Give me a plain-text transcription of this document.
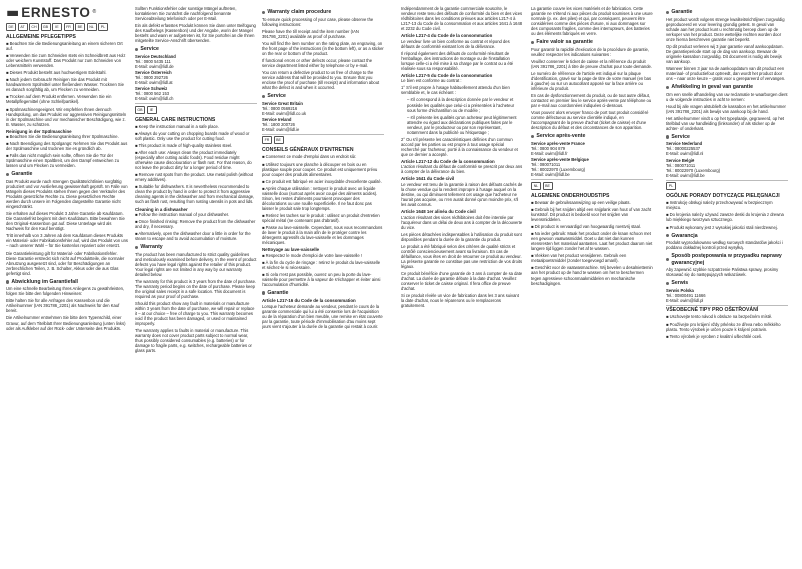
▬ ERNESTO ®
DE	AT	CH	GB	IE	FR	BE	NL	PL
ALLGEMEINE PFLEGETIPPS

■ Beachten Sie die Bedienungsanleitung an einem sicheren Ort auf.

■ Verwenden Sie zum Schneiden stets ein Schneidbrett aus Holz oder weichem Kunststoff. Das Produkt nur zum Schneiden von Lebensmitteln verwenden.

■ Dieses Produkt besteht aus hochwertigem Edelstahl.

■ Nach jedem Gebrauch! Reinigen Sie das Produkt mit handwarmem Spülmittel unter fließendem Wasser. Trocknen Sie es danach sorgfältig ab, um Flecken zu vermeiden.

■ Trocken auf dem Produkt entfernen. Verwenden Sie ein Metallpflegemittel (ohne Schleifpartikel).

■ Spülmaschinengeeignet. Wir empfehlen Ihnen dennoch Handspülung, um das Produkt vor aggressiven Reinigungsmitteln in der Spülmaschine und vor mechanischer Beschädigung, wie z. B. Wasser, zu schützen.

Reinigung in der Spülmaschine

■ Beachten Sie die Bedienungsanleitung Ihrer Spülmaschine.

■ Nach Beendigung des Spülgangs: Nehmen Sie das Produkt aus der Spülmaschine und trocknen Sie es gründlich ab.

■ Falls das nicht möglich sein sollte, öffnen Sie die Tür der Spülmaschine einen Spaltbreit, um den Dampf entweichen zu lassen und um Flecken zu vermeiden.

Garantie

Das Produkt wurde nach strengen Qualitätsrichtlinien sorgfältig produziert und vor Auslieferung gewissenhaft geprüft. Im Falle von Mängeln dieses Produkts stehen Ihnen gegen den Verkäufer des Produkts gesetzliche Rechte zu. Diese gesetzlichen Rechte werden durch unsere im Folgenden dargestellte Garantie nicht eingeschränkt.

Sie erhalten auf dieses Produkt 3 Jahre Garantie ab Kaufdatum. Die Garantiefrist beginnt mit dem Kaufdatum. Bitte bewahren Sie den Original-Kassenbon gut auf. Diese Unterlage wird als Nachweis für den Kauf benötigt.

Tritt innerhalb von 3 Jahren ab dem Kaufdatum dieses Produkts ein Material- oder Fabrikationsfehler auf, wird das Produkt von uns – nach unserer Wahl – für Sie kostenlos repariert oder ersetzt.

Die Garantieleistung gilt für Material- oder Fabrikationsfehler. Diese Garantie erstreckt sich nicht auf Produktteile, die normaler Abnutzung ausgesetzt sind, oder für Beschädigungen an zerbrechlichen Teilen, z. B. Schalter, Akkus oder die aus Glas gefertigt sind.

Abwicklung im Garantiefall

Um eine schnelle Bearbeitung Ihres Anliegens zu gewährleisten, folgen Sie bitte den folgenden Hinweisen:

Bitte halten Sie für alle Anfragen den Kassenbon und die Artikelnummer (IAN 391786_2201) als Nachweis für den Kauf bereit.

Die Artikelnummer entnehmen Sie bitte dem Typenschild, einer Gravur, auf dem Titelblatt Ihrer Bedienungsanleitung (unten links) oder als Aufkleber auf der Rück- oder Unterseite des Produkts.

Sollten Funktionsfehler oder sonstige Mängel auftreten, kontaktieren Sie zunächst die nachfolgend benannte Serviceabteilung telefonisch oder per E-Mail.

Ein als defekt erfasstes Produkt können Sie dann unter Beifügung des Kaufbelegs (Kassenbon) und der Angabe, worin der Mangel besteht und wann er aufgetreten ist, für Sie portofrei an die Ihnen mitgeteilte Service-Anschrift übersenden.

Service
Service Deutschland
Tel.: 0800 5435 111
E-Mail: owim@lidl.de
Service Österreich
Tel.: 0800 292726
E-Mail: owim@lidl.at
Service Schweiz
Tel.: 0800 562 153
E-Mail: owim@lidl.ch
GB	IE
GENERAL CARE INSTRUCTIONS

■ Keep the instruction manual in a safe place.

■ Always do your cutting on chopping boards made of wood or soft plastic. Only use the product for cutting food.

■ This product is made of high-quality stainless steel.

■ After each use: Always clean the product immediately (especially after cutting acidic foods). Food residue might otherwise cause discolouration or flash rust. For that reason, do not leave the product dirty for a longer period of time.

■ Remove rust spots from the product. Use metal polish (without emery additives).

■ Suitable for dishwashers. It is nevertheless recommended to clean the product by hand in order to protect it from aggressive cleaning agents in the dishwasher and from mechanical damage, such as flash rust, resulting from rusting utensils in pots and lids.

Cleaning in a dishwasher

■ Follow the instruction manual of your dishwasher.

■ Once finished rinsing: Remove the product from the dishwasher and dry, if necessary.

■ Alternatively, open the dishwasher door a little in order for the steam to escape and to avoid accumulation of moisture.

Warranty

The product has been manufactured to strict quality guidelines and meticulously examined before delivery. In the event of product defects you have legal rights against the retailer of this product. Your legal rights are not limited in any way by our warranty detailed below.

The warranty for this product is 3 years from the date of purchase. The warranty period begins on the date of purchase. Please keep the original sales receipt in a safe location. This document is required as your proof of purchase.

Should this product show any fault in materials or manufacture within 3 years from the date of purchase, we will repair or replace it – at our choice – free of charge to you. This warranty becomes void if the product has been damaged, or used or maintained improperly.

The warranty applies to faults in material or manufacture. This warranty does not cover product parts subject to normal wear, thus possibly considered consumables (e.g. batteries) or for damage to fragile parts, e.g. switches, rechargeable batteries or glass parts.

Warranty claim procedure

To ensure quick processing of your case, please observe the following instructions:

Please have the till receipt and the item number (IAN 391786_2201) available as proof of purchase.

You will find the item number on the rating plate, an engraving, on the front page of the instructions (in the bottom left), or as a sticker on the rear or bottom of the product.

If functional errors or other defects occur, please contact the service department listed either by telephone or by e-mail.

You can return a defective product to us free of charge to the service address that will be provided to you. Ensure that you enclose the proof of purchase (till receipt) and information about what the defect is and when it occurred.

Service
Service Great Britain
Tel.: 0800 0569216
E-Mail: owim@lidl.co.uk
Service Ireland
Tel.: 1800 200726
E-Mail: owim@lidl.ie
FR	BE
CONSEILS GÉNÉRAUX D'ENTRETIEN

■ Conservez ce mode d'emploi dans un endroit sûr.

■ Utilisez toujours une planche à découper en bois ou en plastique souple pour couper. Ce produit est uniquement prévu pour couper des produits alimentaires.

■ Ce produit est fabriqué en acier inoxydable d'excellente qualité.

■ Après chaque utilisation : nettoyez le produit avec un liquide vaisselle doux (surtout après avoir coupé des aliments acides). Sinon, les restes d'aliments pourraient provoquer des décolorations ou une rouille superficielle. Il ne faut donc pas laisser le produit sale trop longtemps.

■ Retirez les taches sur le produit : utilisez un produit d'entretien spécial métal (ne contenant pas d'abrasif).

■ Passe au lave-vaisselle. Cependant, nous vous recommandons de laver le produit à la main afin de le protéger contre les détergents agressifs du lave-vaisselle et les dommages mécaniques.

Nettoyage au lave-vaisselle

■ Respectez le mode d'emploi de votre lave-vaisselle !

■ À la fin du cycle de rinçage : retirez le produit du lave-vaisselle et séchez-le si nécessaire.

■ Si cela n'est pas possible, ouvrez un peu la porte du lave-vaisselle pour permettre à la vapeur de s'échapper et éviter ainsi l'accumulation d'humidité.

Garantie
Article L217-16 du Code de la consommation

Lorsque l'acheteur demande au vendeur, pendant le cours de la garantie commerciale qui lui a été consentie lors de l'acquisition ou de la réparation d'un bien meuble, une remise en état couverte par la garantie, toute période d'immobilisation d'au moins sept jours vient s'ajouter à la durée de la garantie qui restait à courir.

Indépendamment de la garantie commerciale souscrite, le vendeur reste tenu des défauts de conformité du bien et des vices rédhibitoires dans les conditions prévues aux articles L217-4 à L217-13 du Code de la consommation et aux articles 1641 à 1648 et 2232 du Code civil.

Article L217-4 du Code de la consommation

Le vendeur livre un bien conforme au contrat et répond des défauts de conformité existant lors de la délivrance.

Il répond également des défauts de conformité résultant de l'emballage, des instructions de montage ou de l'installation lorsque celle-ci a été mise à sa charge par le contrat ou a été réalisée sous sa responsabilité.

Article L217-5 du Code de la consommation

Le bien est conforme au contrat :

1° S'il est propre à l'usage habituellement attendu d'un bien semblable et, le cas échéant :

– s'il correspond à la description donnée par le vendeur et possède les qualités que celui-ci a présentées à l'acheteur sous forme d'échantillon ou de modèle ;

– s'il présente les qualités qu'un acheteur peut légitimement attendre eu égard aux déclarations publiques faites par le vendeur, par le producteur ou par son représentant, notamment dans la publicité ou l'étiquetage ;

2° Ou s'il présente les caractéristiques définies d'un commun accord par les parties ou est propre à tout usage spécial recherché par l'acheteur, porté à la connaissance du vendeur et que ce dernier a accepté.

Article L217-12 du Code de la consommation

L'action résultant du défaut de conformité se prescrit par deux ans à compter de la délivrance du bien.

Article 1641 du Code civil

Le vendeur est tenu de la garantie à raison des défauts cachés de la chose vendue qui la rendent impropre à l'usage auquel on la destine, ou qui diminuent tellement cet usage que l'acheteur ne l'aurait pas acquise, ou n'en aurait donné qu'un moindre prix, s'il les avait connus.

Article 1648 1er alinéa du Code civil

L'action résultant des vices rédhibitoires doit être intentée par l'acquéreur dans un délai de deux ans à compter de la découverte du vice.

Les pièces détachées indispensables à l'utilisation du produit sont disponibles pendant la durée de la garantie du produit.

Le produit a été fabriqué selon des critères de qualité stricts et contrôlé consciencieusement avant sa livraison. En cas de défaillance, vous êtes en droit de retourner ce produit au vendeur. La présente garantie ne constitue pas une restriction de vos droits légaux.

Ce produit bénéficie d'une garantie de 3 ans à compter de sa date d'achat. La durée de garantie débute à la date d'achat. Veuillez conserver le ticket de caisse original. Il fera office de preuve d'achat.

Si ce produit révèle un vice de fabrication dans les 3 ans suivant la date d'achat, nous le réparerons ou le remplacerons gratuitement.

La garantie couvre les vices matériels et de fabrication. Cette garantie ne s'étend ni aux pièces du produit soumises à une usure normale (p. ex. des piles) et qui, par conséquent, peuvent être considérées comme des pièces d'usure, ni aux dommages sur des composants fragiles, comme des interrupteurs, des batteries ou des éléments fabriqués en verre.

Faire valoir sa garantie

Pour garantir la rapidité d'exécution de la procédure de garantie, veuillez respecter les indications suivantes :

Veuillez conserver le ticket de caisse et la référence du produit (IAN 391786_2201) à titre de preuve d'achat pour toute demande.

Le numéro de référence de l'article est indiqué sur la plaque d'identification, gravé sur la page de titre de votre manuel (en bas à gauche) ou sur un autocollant apposé sur la face arrière ou inférieure du produit.

En cas de dysfonctionnement du produit, ou de tout autre défaut, contactez en premier lieu le service après-vente par téléphone ou par e-mail aux coordonnées indiquées ci-dessous.

Vous pouvez alors envoyer franco de port tout produit considéré comme défectueux au service clientèle indiqué, en l'accompagnant de la preuve d'achat (ticket de caisse) et d'une description du défaut et des circonstances de son apparition.

Service après-vente
Service après-vente France
Tel.: 0800 904 879
E-Mail: owim@lidl.fr
Service après-vente Belgique
Tel.: 080071011
Tel.: 80022970 (Luxembourg)
E-Mail: owim@lidl.be
NL	BE
ALGEMENE ONDERHOUDSTIPS

■ Bewaar de gebruiksaanwijzing op een veilige plaats.

■ Gebruik bij het snijden altijd een snijplank van hout of van zacht kunststof. Dit product is bedoeld voor het snijden van levensmiddelen.

■ Dit product is vervaardigd van hoogwaardig roestvrij staal.

■ Na ieder gebruik: Maak het product onder de kraan schoon met een gewoon vaatwasmiddel. Doet u dat niet dan kunnen etensresten het materiaal aantasten. Laat het product daarom niet langere tijd liggen zonder het af te wassen.

■ Vlekken van het product verwijderen. Gebruik een metaalpoetsmiddel (zonder toegevoegd amaril).

■ Geschikt voor de vaatwasmachine. Wij bevelen u desalniettemin aan het product op de hand te wassen om het te beschermen tegen agressieve schoonmaakmiddelen en mechanische beschadigingen.

Garantie

Het product wordt volgens strenge kwaliteitsrichtlijnen zorgvuldig geproduceerd en voor levering grondig getest. In geval van schade aan het product kunt u rechtmatig beroep doen op de verkoper van het product. Deze wettelijke rechten worden door onze hierna beschreven garantie niet beperkt.

Op dit product verlenen wij 3 jaar garantie vanaf aankoopdatum. De garantieperiode start op de dag van aankoop. Bewaar de originele kassabon zorgvuldig. Dit document is nodig als bewijs van aankoop.

Wanneer binnen 3 jaar na de aankoopdatum van dit product een materiaal- of productiefout optreedt, dan wordt het product door ons – naar onze keuze – gratis voor u gerepareerd of vervangen.

Afwikkeling in geval van garantie

Om een snelle afhandeling van uw reclamatie te waarborgen dient u de volgende instructies in acht te nemen:

Houd bij alle vragen alstublieft de kassabon en het artikelnummer (IAN 391786_2201) als bewijs van aankoop bij de hand.

Het artikelnummer vindt u op het typeplaatje, gegraveerd, op het titelblad van uw handleiding (linksonder) of als sticker op de achter- of onderkant.

Service
Service Nederland
Tel.: 08000225537
E-Mail: owim@lidl.nl
Service België
Tel.: 080071011
Tel.: 80022970 (Luxembourg)
E-Mail: owim@lidl.be
PL
OGÓLNE PORADY DOTYCZĄCE PIELĘGNACJI

■ Instrukcję obsługi należy przechowywać w bezpiecznym miejscu.

■ Do krojenia należy używać zawsze deski do krojenia z drewna lub miękkiego tworzywa sztucznego.

■ Produkt wykonany jest z wysokiej jakości stali nierdzewnej.

Gwarancja

Produkt wyprodukowano według surowych standardów jakości i poddano dokładnej kontroli przed wysyłką.

Sposób postępowania w przypadku naprawy gwarancyjnej

Aby zapewnić szybkie rozpatrzenie Państwa sprawy, prosimy stosować się do następujących wskazówek.

Serwis
Serwis Polska
Tel.: 00800491 11666
E-Mail: owim@lidl.pl
VŠEOBECNÉ TIPY PRO OŠETŘOVÁNÍ

■ Uschovejte tento návod k obsluze na bezpečném místě.

■ Používejte pro krájení vždy prkénko ze dřeva nebo měkkého plastu. Tento výrobek je určen pouze k krájení potravin.

■ Tento výrobek je vyroben z kvalitní ušlechtilé oceli.
